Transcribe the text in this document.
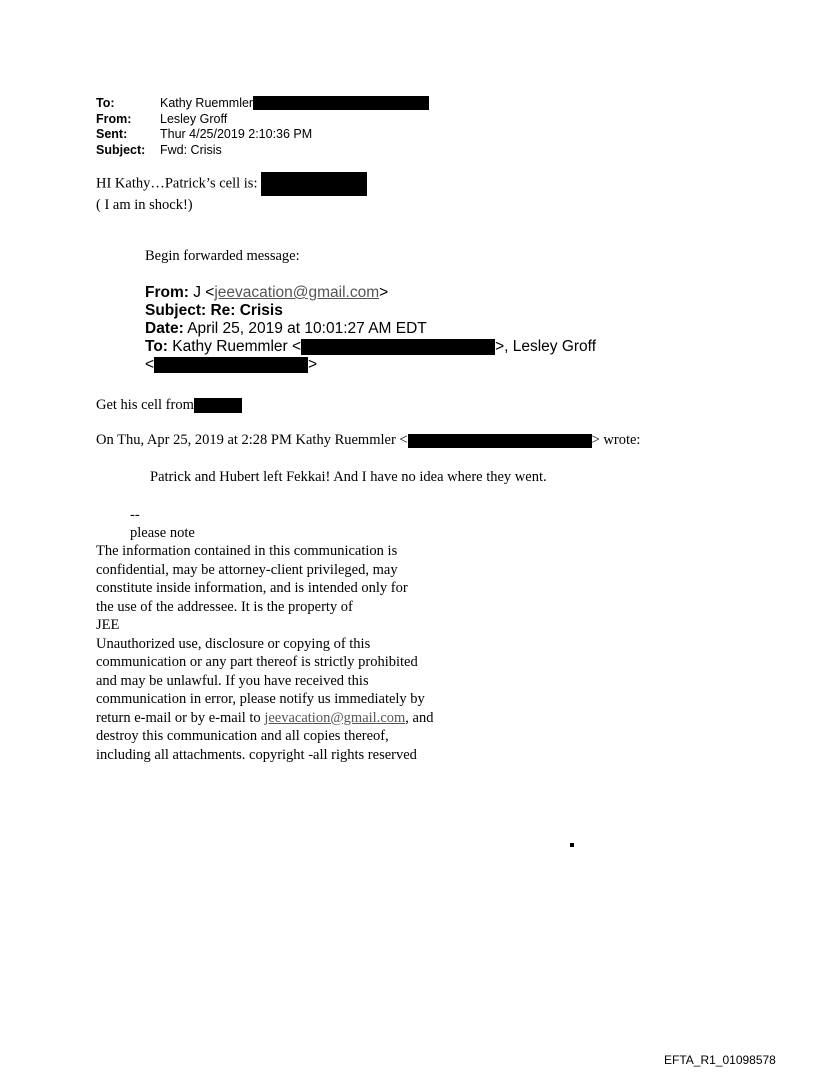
To:	Kathy Ruemmler
From:	Lesley Groff
Sent:	Thur 4/25/2019 2:10:36 PM
Subject:	Fwd: Crisis
HI Kathy…Patrick’s cell is:
( I am in shock!)
Begin forwarded message:
From: J <jeevacation@gmail.com>
Subject: Re: Crisis
Date: April 25, 2019 at 10:01:27 AM EDT
To: Kathy Ruemmler <	>, Lesley Groff
<	>
Get his cell from
On Thu, Apr 25, 2019 at 2:28 PM Kathy Ruemmler <	> wrote:
Patrick and Hubert left Fekkai! And I have no idea where they went.
--
please note
The information contained in this communication is
confidential, may be attorney-client privileged, may
constitute inside information, and is intended only for
the use of the addressee. It is the property of
JEE
Unauthorized use, disclosure or copying of this
communication or any part thereof is strictly prohibited
and may be unlawful. If you have received this
communication in error, please notify us immediately by
return e-mail or by e-mail to jeevacation@gmail.com, and
destroy this communication and all copies thereof,
including all attachments. copyright -all rights reserved
EFTA_R1_01098578
